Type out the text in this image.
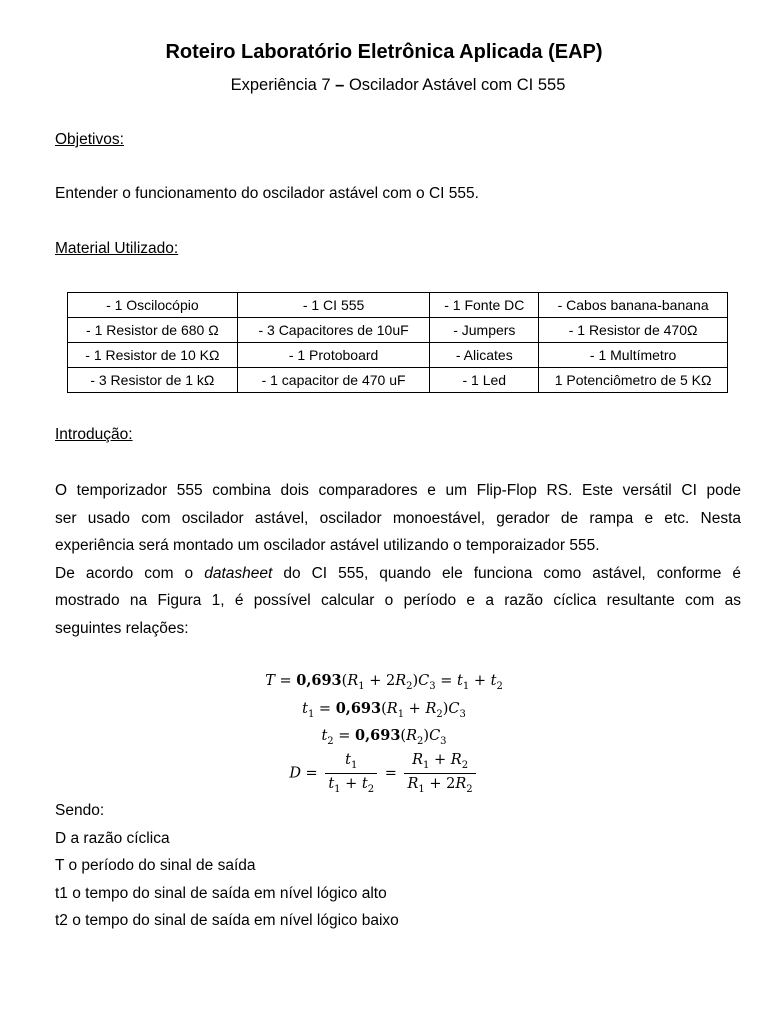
Roteiro Laboratório Eletrônica Aplicada (EAP)
Experiência 7 – Oscilador Astável com CI 555
Objetivos:
Entender o funcionamento do oscilador astável com o CI 555.
Material Utilizado:
- 1 Oscilocópio	- 1 CI 555	- 1 Fonte DC	- Cabos banana-banana
- 1 Resistor de 680 Ω	- 3 Capacitores de 10uF	- Jumpers	- 1 Resistor de 470Ω
- 1 Resistor de 10 KΩ	- 1 Protoboard	- Alicates	- 1 Multímetro
- 3 Resistor de 1 kΩ	- 1 capacitor de 470 uF	- 1 Led	1 Potenciômetro de 5 KΩ
Introdução:
O temporizador 555 combina dois comparadores e um Flip-Flop RS. Este versátil CI pode
ser usado com oscilador astável, oscilador monoestável, gerador de rampa e etc. Nesta
experiência será montado um oscilador astável utilizando o temporaizador 555.
De acordo com o datasheet do CI 555, quando ele funciona como astável, conforme é
mostrado na Figura 1, é possível calcular o período e a razão cíclica resultante com as
seguintes relações:
$T = 0,693(R_1 + 2R_2)C_3 = t_1 + t_2$
$t_1 = 0,693(R_1 + R_2)C_3$
$t_2 = 0,693(R_2)C_3$
$D = \frac{t_1}{t_1 + t_2} = \frac{R_1 + R_2}{R_1 + 2R_2}$
Sendo:
D a razão cíclica
T o período do sinal de saída
t1 o tempo do sinal de saída em nível lógico alto
t2 o tempo do sinal de saída em nível lógico baixo
